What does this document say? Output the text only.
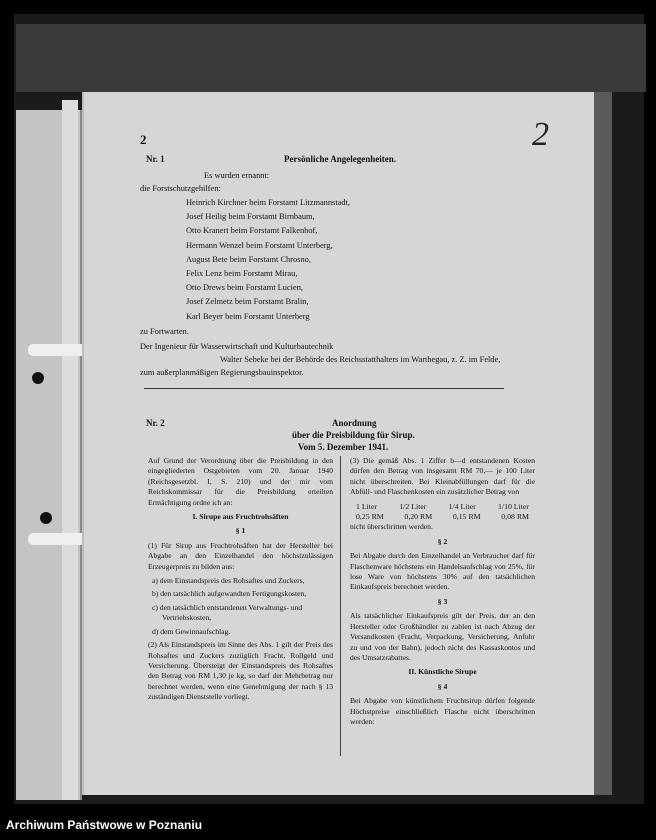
2	2
Nr. 1	Persönliche Angelegenheiten.
Es wurden ernannt:
die Forstschutzgehilfen:
Heinrich Kirchner beim Forstamt Litzmannstadt,
Josef Heilig beim Forstamt Birnbaum,
Otto Kranert beim Forstamt Falkenhof,
Hermann Wenzel beim Forstamt Unterberg,
August Bete beim Forstamt Chrosno,
Felix Lenz beim Forstamt Mirau,
Otto Drews beim Forstamt Lucien,
Josef Zelmetz beim Forstamt Bralin,
Karl Beyer beim Forstamt Unterberg
zu Fortwarten.
Der Ingenieur für Wasserwirtschaft und Kulturbautechnik
Walter Sebeke bei der Behörde des Reichsstatthalters im Warthegau, z. Z. im Felde,
zum außerplanmäßigen Regierungsbauinspektor.
Nr. 2	Anordnung
über die Preisbildung für Sirup.
Vom 5. Dezember 1941.

Auf Grund der Verordnung über die Preisbildung in den eingegliederten Ostgebieten vom 20. Januar 1940 (Reichsgesetzbl. I, S. 210) und der mir vom Reichskommissar für die Preisbildung erteilten Ermächtigung ordne ich an:

I. Sirupe aus Fruchtrohsäften

§ 1

(1) Für Sirup aus Fruchtrohsäften hat der Hersteller bei Abgabe an den Einzelhandel den höchstzulässigen Erzeugerpreis zu bilden aus:

a) dem Einstandspreis des Rohsaftes und Zuckers,

b) den tatsächlich aufgewandten Fertigungskosten,

c) den tatsächlich entstandenen Verwaltungs- und Vertriebskosten,

d) dem Gewinnaufschlag.

(2) Als Einstandspreis im Sinne des Abs. 1 gilt der Preis des Rohsaftes und Zuckers zuzüglich Fracht, Rollgeld und Versicherung. Übersteigt der Einstandspreis des Rohsaftes den Betrag von RM 1,30 je kg, so darf der Mehrbetrag nur berechnet werden, wenn eine Genehmigung der nach § 13 zuständigen Dienststelle vorliegt.

(3) Die gemäß Abs. 1 Ziffer b—d entstandenen Kosten dürfen den Betrag von insgesamt RM 70,— je 100 Liter nicht überschreiten. Bei Kleinabfüllungen darf für die Abfüll- und Flaschenkosten ein zusätzlicher Betrag von

1 Liter	1/2 Liter	1/4 Liter	1/10 Liter
0,25 RM	0,20 RM	0,15 RM	0,08 RM

nicht überschritten werden.

§ 2

Bei Abgabe durch den Einzelhandel an Verbraucher darf für Flaschenware höchstens ein Handelsaufschlag von 25%, für lose Ware von höchstens 30% auf den tatsächlichen Einkaufspreis berechnet werden.

§ 3

Als tatsächlicher Einkaufspreis gilt der Preis, der an den Hersteller oder Großhändler zu zahlen ist nach Abzug der Versandkosten (Fracht, Verpackung, Versicherung, Anfuhr zu und von der Bahn), jedoch nicht des Kassaskontos und des Umsatzrabattes.

II. Künstliche Sirupe

§ 4

Bei Abgabe von künstlichem Fruchtsirup dürfen folgende Höchstpreise einschließlich Flasche nicht überschritten werden:

Archiwum Państwowe w Poznaniu
